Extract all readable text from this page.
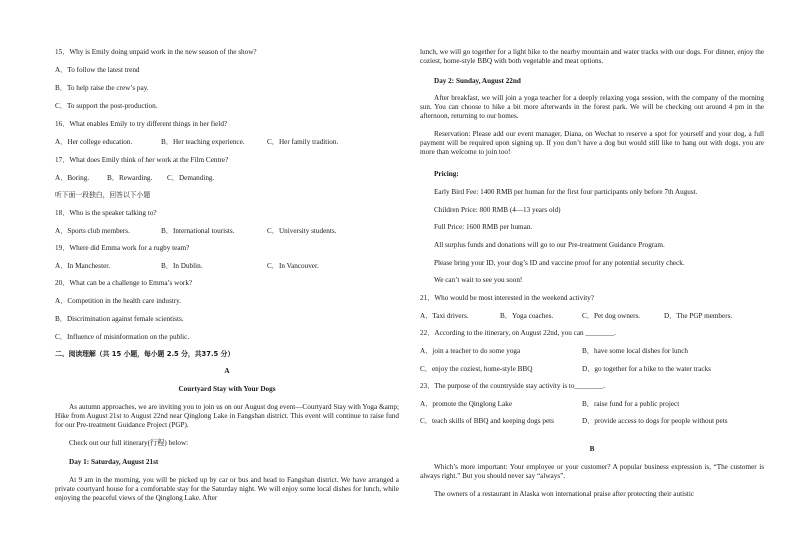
15．Why is Emily doing unpaid work in the new season of the show?
A．To follow the latest trend
B．To help raise the crew’s pay.
C．To support the post-production.
16．What enables Emily to try different things in her field?
A．Her college education.	B．Her teaching experience.	C．Her family tradition.
17．What does Emily think of her work at the Film Centre?
A．Boring. B．Rewarding. C．Demanding.
听下面一段独白，回答以下小题
18．Who is the speaker talking to?
A．Sports club members.	B．International tourists.	C．University students.
19．Where did Emma work for a rugby team?
A．In Manchester.	B．In Dublin.	C．In Vancouver.
20．What can be a challenge to Emma’s work?
A．Competition in the health care industry.
B．Discrimination against female scientists.
C．Influence of misinformation on the public.
二、阅读理解（共 15 小题，每小题 2.5 分，共37.5 分）
A
Courtyard Stay with Your Dogs
As autumn approaches, we are inviting you to join us on our August dog event—Courtyard Stay with Yoga &amp; Hike from August 21st to August 22nd near Qinglong Lake in Fangshan district. This event will continue to raise fund for our Pre-treatment Guidance Project (PGP).
Check out our full itinerary(行程) below:
Day 1: Saturday, August 21st
At 9 am in the morning, you will be picked up by car or bus and head to Fangshan district. We have arranged a private courtyard house for a comfortable stay for the Saturday night. We will enjoy some local dishes for lunch, while enjoying the peaceful views of the Qinglong Lake. After
lunch, we will go together for a light hike to the nearby mountain and water tracks with our dogs. For dinner, enjoy the coziest, home-style BBQ with both vegetable and meat options.
Day 2: Sunday, August 22nd
After breakfast, we will join a yoga teacher for a deeply relaxing yoga session, with the company of the morning sun. You can choose to hike a bit more afterwards in the forest park. We will be checking out around 4 pm in the afternoon, returning to our homes.
Reservation: Please add our event manager, Diana, on Wechat to reserve a spot for yourself and your dog, a full payment will be required upon signing up. If you don’t have a dog but would still like to hang out with dogs, you are more than welcome to join too!
Pricing:
Early Bird Fee: 1400 RMB per human for the first four participants only before 7th August.
Children Price: 800 RMB (4—13 years old)
Full Price: 1600 RMB per human.
All surplus funds and donations will go to our Pre-treatment Guidance Program.
Please bring your ID, your dog’s ID and vaccine proof for any potential security check.
We can’t wait to see you soon!
21．Who would be most interested in the weekend activity?
A．Taxi drivers.	B．Yoga coaches.	C．Pet dog owners.	D．The PGP members.
22．According to the itinerary, on August 22nd, you can ________.
A．join a teacher to do some yoga	B．have some local dishes for lunch
C．enjoy the coziest, home-style BBQ	D．go together for a hike to the water tracks
23．The purpose of the countryside stay activity is to________.
A．promote the Qinglong Lake	B．raise fund for a public project
C．teach skills of BBQ and keeping dogs pets	D．provide access to dogs for people without pets
B
Which’s more important: Your employee or your customer? A popular business expression is, “The customer is always right.” But you should never say “always”.
The owners of a restaurant in Alaska won international praise after protecting their autistic
